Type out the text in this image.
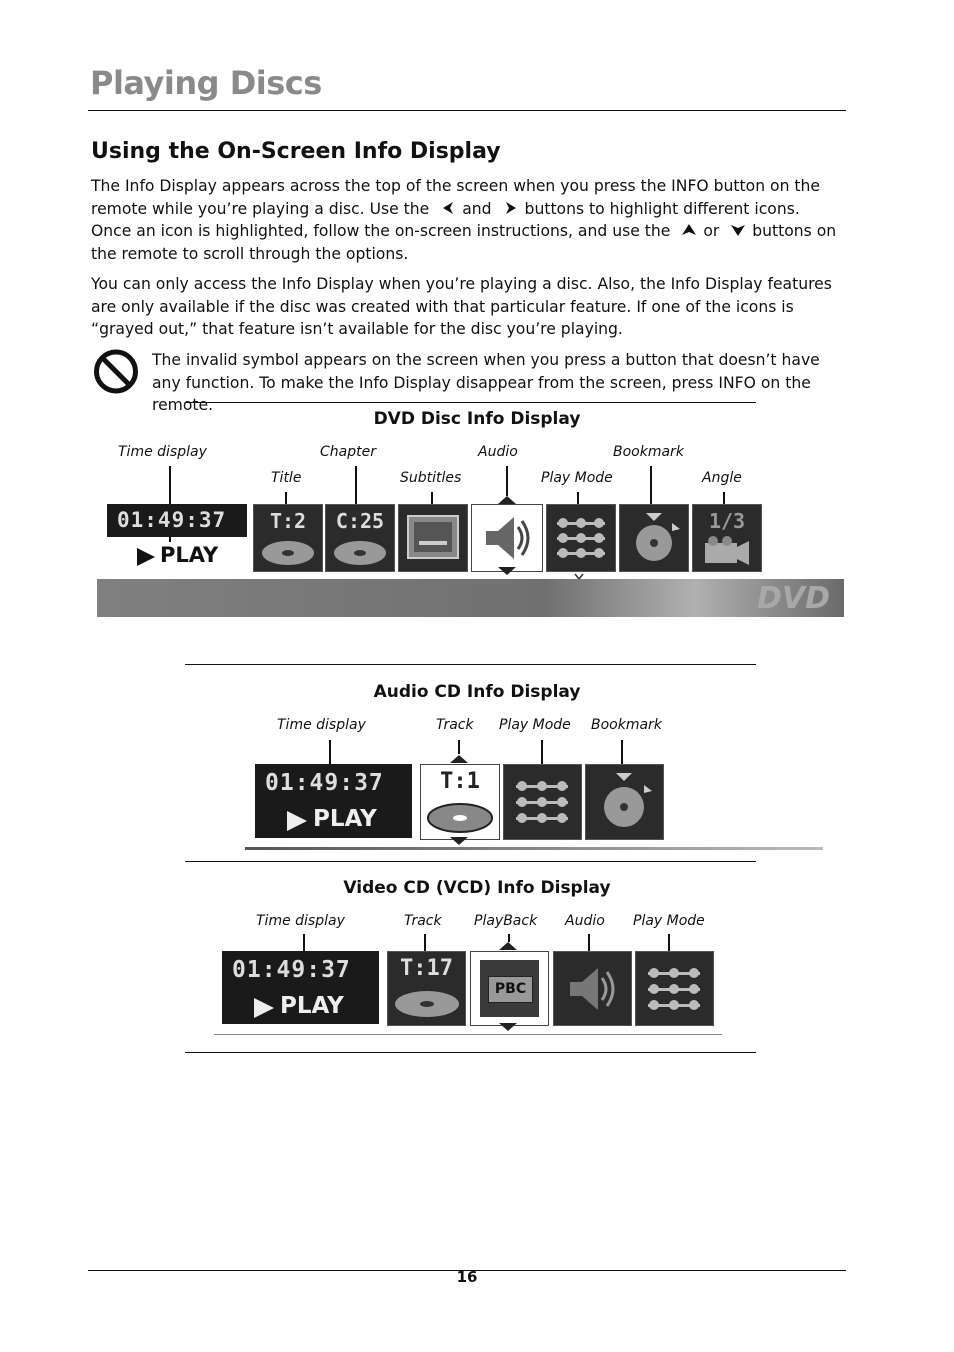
Playing Discs
Using the On-Screen Info Display
The Info Display appears across the top of the screen when you press the INFO button on the remote while you’re playing a disc. Use the and buttons to highlight different icons. Once an icon is highlighted, follow the on-screen instructions, and use the or buttons on the remote to scroll through the options.
You can only access the Info Display when you’re playing a disc. Also, the Info Display features are only available if the disc was created with that particular feature. If one of the icons is “grayed out,” that feature isn’t available for the disc you’re playing.
The invalid symbol appears on the screen when you press a button that doesn’t have any function. To make the Info Display disappear from the screen, press INFO on the remote.
DVD Disc Info Display
Time display
Title
Chapter
Subtitles
Audio
Play Mode
Bookmark
Angle
01:49:37
PLAY
T:2	C:25	1/3
DVD
Audio CD Info Display
Time display	Track Play Mode Bookmark
01:49:37
PLAY
T:1
Video CD (VCD) Info Display
Time display	Track PlayBack Audio Play Mode
01:49:37
PLAY
T:17
PBC
16
